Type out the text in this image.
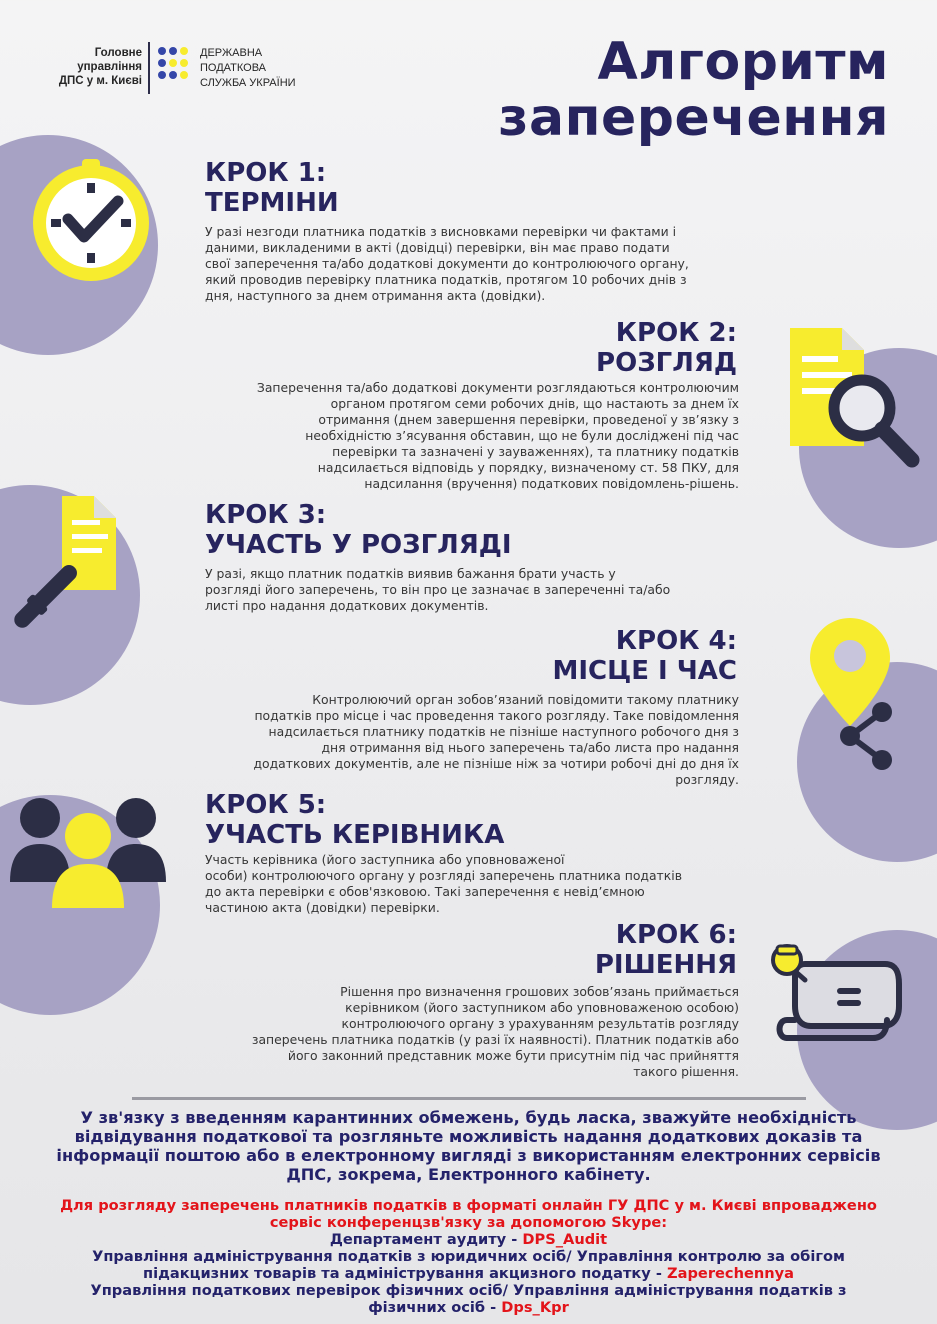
Головне
управління
ДПС у м. Києві
ДЕРЖАВНА
ПОДАТКОВА
СЛУЖБА УКРАЇНИ	Алгоритм
заперечення
КРОК 1:
ТЕРМІНИ
У разі незгоди платника податків з висновками перевірки чи фактами і
даними, викладеними в акті (довідці) перевірки, він має право подати
свої заперечення та/або додаткові документи до контролюючого органу,
який проводив перевірку платника податків, протягом 10 робочих днів з
дня, наступного за днем отримання акта (довідки).
КРОК 2:
РОЗГЛЯД
Заперечення та/або додаткові документи розглядаються контролюючим
органом протягом семи робочих днів, що настають за днем їх
отримання (днем завершення перевірки, проведеної у зв’язку з
необхідністю з’ясування обставин, що не були досліджені під час
перевірки та зазначені у зауваженнях), та платнику податків
надсилається відповідь у порядку, визначеному ст. 58 ПКУ, для
надсилання (вручення) податкових повідомлень-рішень.
КРОК 3:
УЧАСТЬ У РОЗГЛЯДІ
У разі, якщо платник податків виявив бажання брати участь у
розгляді його заперечень, то він про це зазначає в запереченні та/або
листі про надання додаткових документів.
КРОК 4:
МІСЦЕ І ЧАС
Контролюючий орган зобов’язаний повідомити такому платнику
податків про місце і час проведення такого розгляду. Таке повідомлення
надсилається платнику податків не пізніше наступного робочого дня з
дня отримання від нього заперечень та/або листа про надання
додаткових документів, але не пізніше ніж за чотири робочі дні до дня їх
розгляду.
КРОК 5:
УЧАСТЬ КЕРІВНИКА
Участь керівника (його заступника або уповноваженої
особи) контролюючого органу у розгляді заперечень платника податків
до акта перевірки є обов'язковою. Такі заперечення є невід’ємною
частиною акта (довідки) перевірки.
КРОК 6:
РІШЕННЯ
Рішення про визначення грошових зобов’язань приймається
керівником (його заступником або уповноваженою особою)
контролюючого органу з урахуванням результатів розгляду
заперечень платника податків (у разі їх наявності). Платник податків або
його законний представник може бути присутнім під час прийняття
такого рішення.
У зв'язку з введенням карантинних обмежень, будь ласка, зважуйте необхідність
відвідування податкової та розгляньте можливість надання додаткових доказів та
інформації поштою або в електронному вигляді з використанням електронних сервісів
ДПС, зокрема, Електронного кабінету.
Для розгляду заперечень платників податків в форматі онлайн ГУ ДПС у м. Києві впроваджено
сервіс конференцзв'язку за допомогою Skype:
Департамент аудиту - DPS_Audit
Управління адміністрування податків з юридичних осіб/ Управління контролю за обігом
підакцизних товарів та адміністрування акцизного податку - Zaperechennya
Управління податкових перевірок фізичних осіб/ Управління адміністрування податків з
фізичних осіб - Dps_Kpr
